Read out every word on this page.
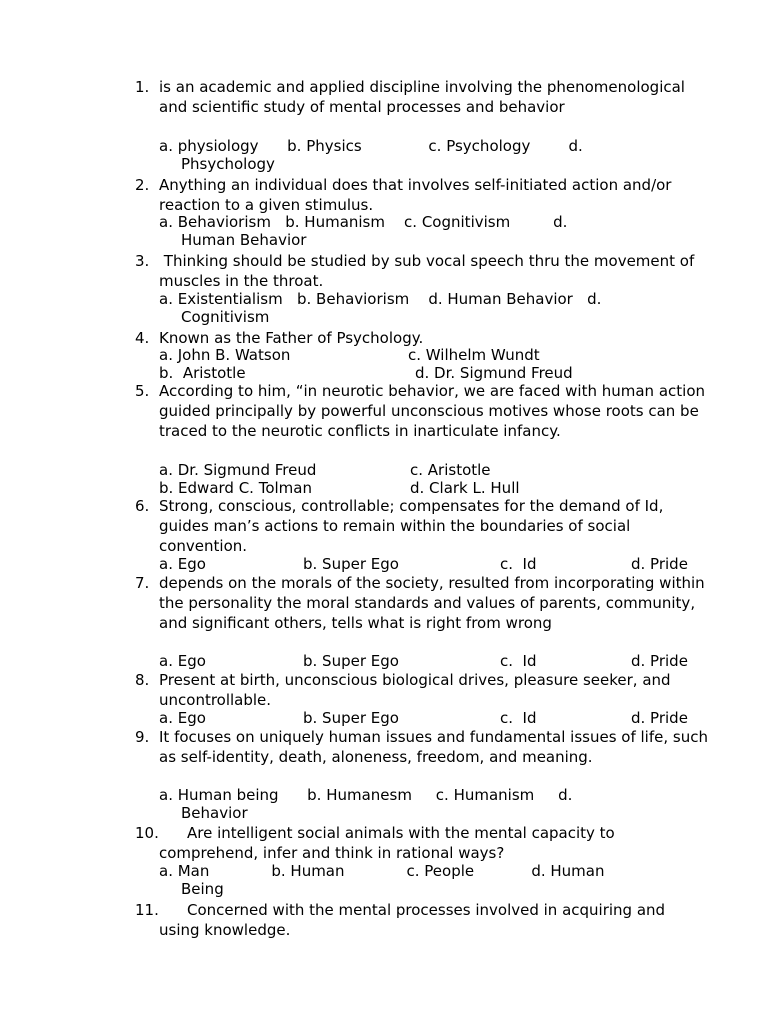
1. is an academic and applied discipline involving the phenomenological and scientific study of mental processes and behavior
a. physiology      b. Physics              c. Psychology        d.
Phsychology
2. Anything an individual does that involves self-initiated action and/or reaction to a given stimulus.
a. Behaviorism   b. Humanism    c. Cognitivism         d.
Human Behavior
3. Thinking should be studied by sub vocal speech thru the movement of muscles in the throat.
a. Existentialism   b. Behaviorism    d. Human Behavior   d.
Cognitivism
4. Known as the Father of Psychology.
a. John B. Watson	c. Wilhelm Wundt
b.  Aristotle	d. Dr. Sigmund Freud
5. According to him, “in neurotic behavior, we are faced with human action guided principally by powerful unconscious motives whose roots can be traced to the neurotic conflicts in inarticulate infancy.
a. Dr. Sigmund Freud	c. Aristotle
b. Edward C. Tolman	d. Clark L. Hull
6. Strong, conscious, controllable; compensates for the demand of Id, guides man’s actions to remain within the boundaries of social convention.
a. Ego	b. Super Ego	c.  Id	d. Pride
7. depends on the morals of the society, resulted from incorporating within the personality the moral standards and values of parents, community, and significant others, tells what is right from wrong
a. Ego	b. Super Ego	c.  Id	d. Pride
8. Present at birth, unconscious biological drives, pleasure seeker, and uncontrollable.
a. Ego	b. Super Ego	c.  Id	d. Pride
9. It focuses on uniquely human issues and fundamental issues of life, such as self-identity, death, aloneness, freedom, and meaning.
a. Human being      b. Humanesm     c. Humanism     d.
Behavior
10.	Are intelligent social animals with the mental capacity to comprehend, infer and think in rational ways?
a. Man             b. Human             c. People            d. Human
Being
11.	Concerned with the mental processes involved in acquiring and using knowledge.
